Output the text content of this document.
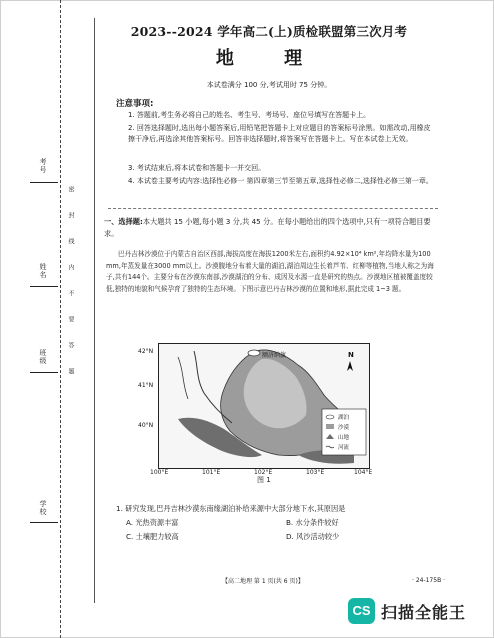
考号
姓名
班级
学校
密
封
线
内
不
要
答
题
2023--2024 学年高二(上)质检联盟第三次月考
地 理
本试卷满分 100 分,考试用时 75 分钟。
注意事项:
1. 答题前,考生务必将自己的姓名、考生号、考场号、座位号填写在答题卡上。
2. 回答选择题时,选出每小题答案后,用铅笔把答题卡上对应题目的答案标号涂黑。如需改动,用橡皮擦干净后,再选涂其他答案标号。回答非选择题时,将答案写在答题卡上。写在本试卷上无效。
3. 考试结束后,将本试卷和答题卡一并交回。
4. 本试卷主要考试内容:选择性必修一 第四章第三节至第五章,选择性必修二,选择性必修三第一章。
一、选择题:本大题共 15 小题,每小题 3 分,共 45 分。在每小题给出的四个选项中,只有一项符合题目要求。
巴丹吉林沙漠位于内蒙古自治区西部,海拔高度在海拔1200米左右,面积约4.92×10⁴ km²,年均降水量为100 mm,年蒸发量在3000 mm以上。沙漠腹地分布着大量的湖泊,湖泊周边生长着芦苇、红柳等植物,当地人称之为海子,共有144个。主要分布在沙漠东南部,沙漠湖泊的分布、成因及水源一直是研究的热点。沙漠地区植被覆盖度较低,独特的地貌和气候孕育了独特的生态环境。下图示意巴丹吉林沙漠的位置和地形,据此完成 1~3 题。
额济纳旗	N
42°N
41°N
40°N
湖泊
沙漠
山地
河流
100°E	101°E	102°E	103°E	104°E
图 1
1. 研究发现,巴丹吉林沙漠东南缘湖泊补给来源中大部分地下水,其原因是
A. 光热资源丰富	B. 水分条件较好
C. 土壤肥力较高	D. 风沙活动较少
【高二地理 第 1 页(共 6 页)】	· 24-175B ·
CS 扫描全能王
